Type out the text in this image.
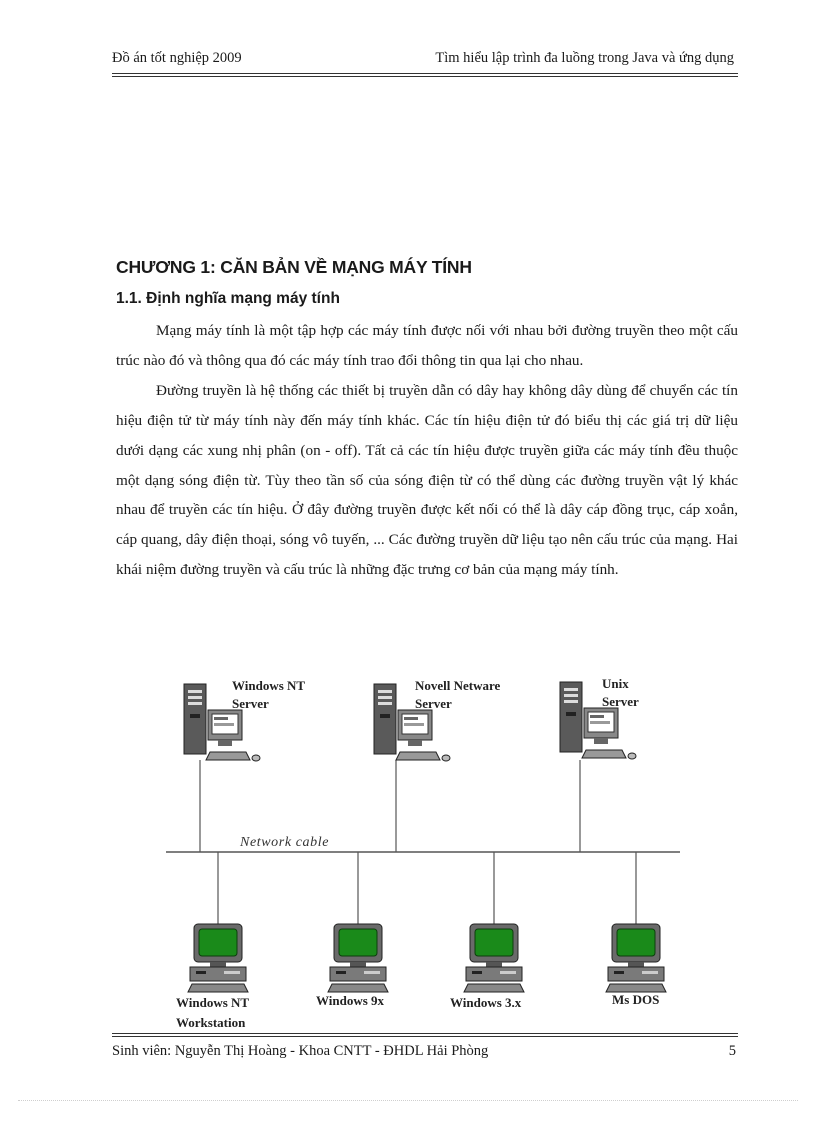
Đồ án tốt nghiệp 2009	Tìm hiểu lập trình đa luồng trong Java và ứng dụng
CHƯƠNG 1: CĂN BẢN VỀ MẠNG MÁY TÍNH
1.1. Định nghĩa mạng máy tính

Mạng máy tính là một tập hợp các máy tính được nối với nhau bởi đường truyền theo một cấu trúc nào đó và thông qua đó các máy tính trao đổi thông tin qua lại cho nhau.

Đường truyền là hệ thống các thiết bị truyền dẫn có dây hay không dây dùng để chuyển các tín hiệu điện tử từ máy tính này đến máy tính khác. Các tín hiệu điện tử đó biểu thị các giá trị dữ liệu dưới dạng các xung nhị phân (on - off). Tất cả các tín hiệu được truyền giữa các máy tính đều thuộc một dạng sóng điện từ. Tùy theo tần số của sóng điện từ có thể dùng các đường truyền vật lý khác nhau để truyền các tín hiệu. Ở đây đường truyền được kết nối có thể là dây cáp đồng trục, cáp xoắn, cáp quang, dây điện thoại, sóng vô tuyến, ... Các đường truyền dữ liệu tạo nên cấu trúc của mạng. Hai khái niệm đường truyền và cấu trúc là những đặc trưng cơ bản của mạng máy tính.

Windows NT
Server
Novell Netware
Server
Unix
Server
Network cable
Windows NT
Workstation
Windows 9x	Windows 3.x	Ms DOS
Sinh viên: Nguyễn Thị Hoàng - Khoa CNTT - ĐHDL Hải Phòng	5
